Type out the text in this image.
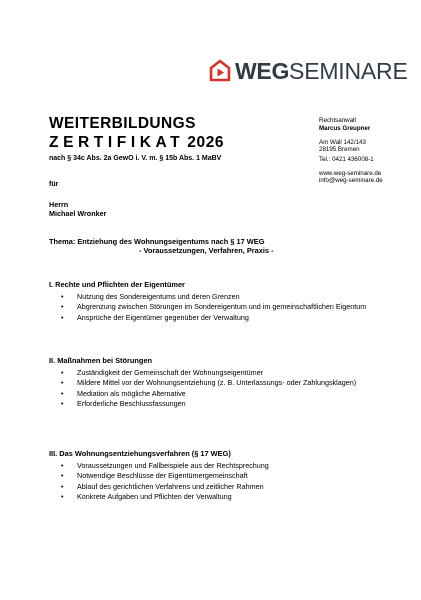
WEG SEMINARE
WEITERBILDUNGS
ZERTIFIKAT 2026
nach § 34c Abs. 2a GewO i. V. m. § 15b Abs. 1 MaBV
Rechtsanwalt
Marcus Greupner
Am Wall 142/143
28195 Bremen
Tel.: 0421 436008-1
www.weg-seminare.de
info@weg-seminare.de
für
Herrn
Michael Wronker
Thema: Entziehung des Wohnungseigentums nach § 17 WEG
- Voraussetzungen, Verfahren, Praxis -
I. Rechte und Pflichten der Eigentümer
• Nutzung des Sondereigentums und deren Grenzen
• Abgrenzung zwischen Störungen im Sondereigentum und im gemeinschaftlichen Eigentum
• Ansprüche der Eigentümer gegenüber der Verwaltung
II. Maßnahmen bei Störungen
• Zuständigkeit der Gemeinschaft der Wohnungseigentümer
• Mildere Mittel vor der Wohnungsentziehung (z. B. Unterlassungs- oder Zahlungsklagen)
• Mediation als mögliche Alternative
• Erforderliche Beschlussfassungen
III. Das Wohnungsentziehungsverfahren (§ 17 WEG)
• Voraussetzungen und Fallbeispiele aus der Rechtsprechung
• Notwendige Beschlüsse der Eigentümergemeinschaft
• Ablauf des gerichtlichen Verfahrens und zeitlicher Rahmen
• Konkrete Aufgaben und Pflichten der Verwaltung
